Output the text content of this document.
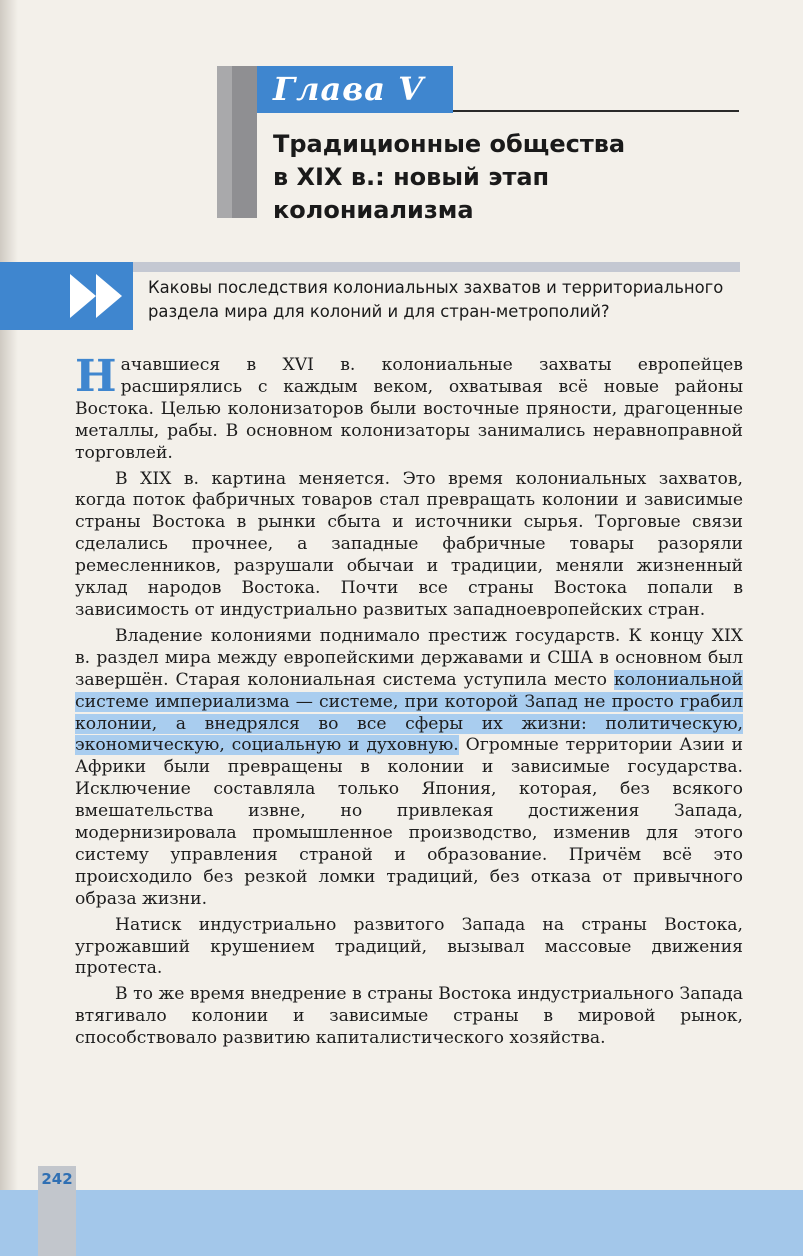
Глава V
Традиционные общества
в XIX в.: новый этап
колониализма

Каковы последствия колониальных захватов и территориального раздела мира для колоний и для стран-метрополий?

Начавшиеся в XVI в. колониальные захваты европейцев расширялись с каждым веком, охватывая всё новые районы Востока. Целью колонизаторов были восточные пряности, драгоценные металлы, рабы. В основном колонизаторы занимались неравноправной торговлей.

В XIX в. картина меняется. Это время колониальных захватов, когда поток фабричных товаров стал превращать колонии и зависимые страны Востока в рынки сбыта и источники сырья. Торговые связи сделались прочнее, а западные фабричные товары разоряли ремесленников, разрушали обычаи и традиции, меняли жизненный уклад народов Востока. Почти все страны Востока попали в зависимость от индустриально развитых западноевропейских стран.

Владение колониями поднимало престиж государств. К концу XIX в. раздел мира между европейскими державами и США в основном был завершён. Старая колониальная система уступила место колониальной системе империализма — системе, при которой Запад не просто грабил колонии, а внедрялся во все сферы их жизни: политическую, экономическую, социальную и духовную. Огромные территории Азии и Африки были превращены в колонии и зависимые государства. Исключение составляла только Япония, которая, без всякого вмешательства извне, но привлекая достижения Запада, модернизировала промышленное производство, изменив для этого систему управления страной и образование. Причём всё это происходило без резкой ломки традиций, без отказа от привычного образа жизни.

Натиск индустриально развитого Запада на страны Востока, угрожавший крушением традиций, вызывал массовые движения протеста.

В то же время внедрение в страны Востока индустриального Запада втягивало колонии и зависимые страны в мировой рынок, способствовало развитию капиталистического хозяйства.

242
